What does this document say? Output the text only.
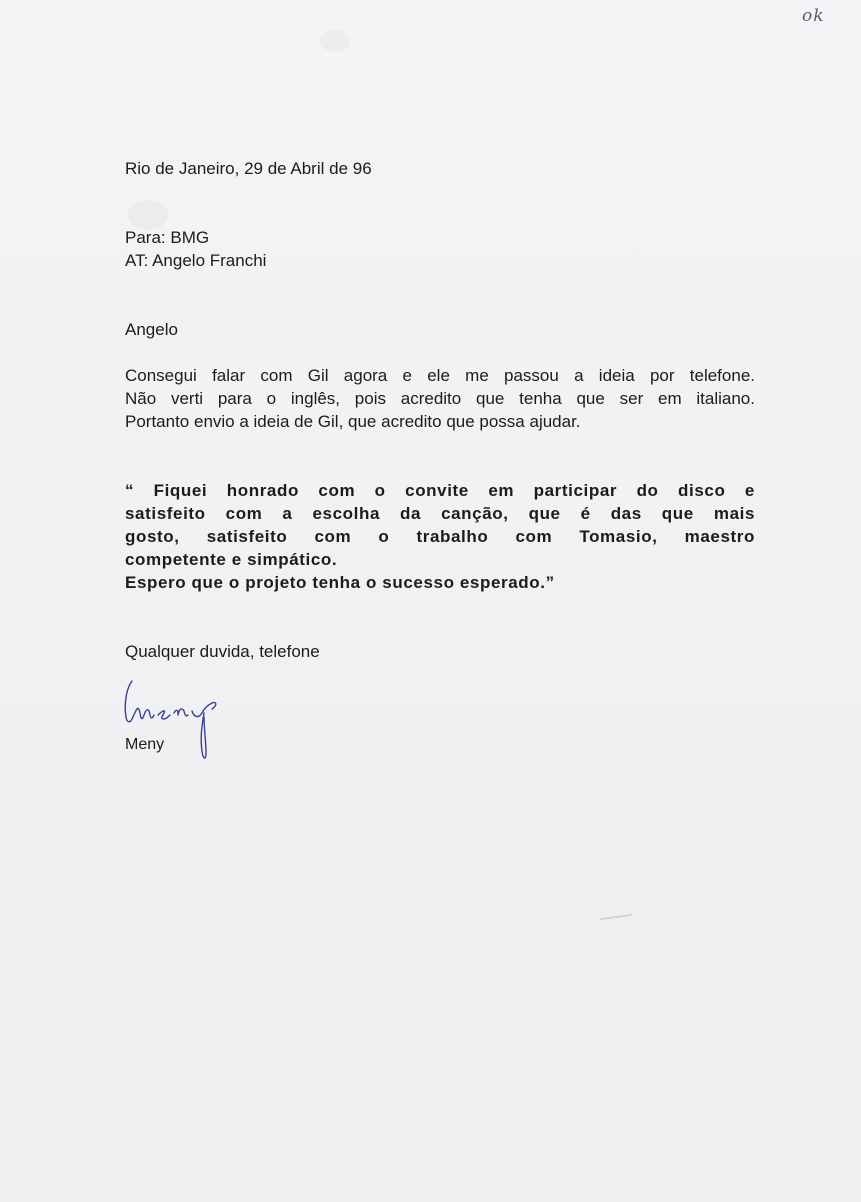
ok
Rio de Janeiro, 29 de Abril de 96
Para: BMG
AT: Angelo Franchi
Angelo
Consegui falar com Gil agora e ele me passou a ideia por telefone.
Não verti para o inglês, pois acredito que tenha que ser em italiano.
Portanto envio a ideia de Gil, que acredito que possa ajudar.
“ Fiquei honrado com o convite em participar do disco e
satisfeito com a escolha da canção, que é das que mais
gosto, satisfeito com o trabalho com Tomasio, maestro
competente e simpático.
Espero que o projeto tenha o sucesso esperado.”
Qualquer duvida, telefone
Meny
